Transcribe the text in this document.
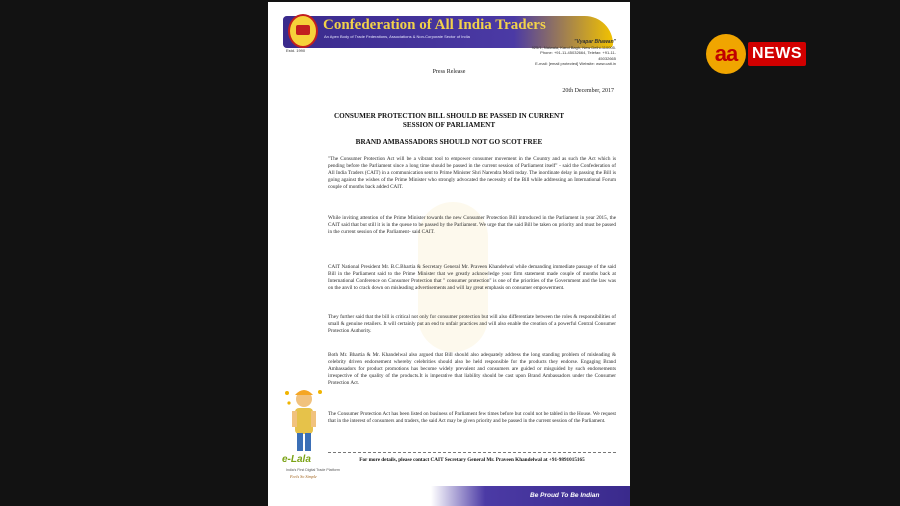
Estd. 1990
Confederation of All India Traders
An Apex Body of Trade Federations, Associations & Non-Corporate Sector of India
"Vyapar Bhawan"
925/1, Naiwala, Karol Bagh, New Delhi-110005.
Phone: +91-11-45032664, Telefax: +91-11-45032665
E-mail: [email protected] Website: www.cait.in
Press Release
20th December, 2017
CONSUMER PROTECTION BILL SHOULD BE PASSED IN CURRENT SESSION OF PARLIAMENT
BRAND AMBASSADORS SHOULD NOT GO SCOT FREE

"The Consumer Protection Act will be a vibrant tool to empower consumer movement in the Country and as such the Act which is pending before the Parliament since a long time should be passed in the current session of Parliament itself" - said the Confederation of All India Traders (CAIT) in a communication sent to Prime Minister Shri Narendra Modi today. The inordinate delay in passing the Bill is going against the wishes of the Prime Minister who strongly advocated the necessity of the Bill while addressing an International Forum couple of months back added CAIT.

While inviting attention of the Prime Minister towards the new Consumer Protection Bill introduced in the Parliament in year 2015, the CAIT said that but still it is in the queue to be passed by the Parliament. We urge that the said Bill be taken on priority and must be passed in the current session of the Parliament- said CAIT.

CAIT National President Mr. B.C.Bhartia & Secretary General Mr. Praveen Khandelwal while demanding immediate passage of the said Bill in the Parliament said to the Prime Minister that we greatly acknowledge your firm statement made couple of months back at International Conference on Consumer Protection that " consumer protection" is one of the priorities of the Government and the law was on the anvil to crack down on misleading advertisements and will lay great emphasis on consumer empowerment.

They further said that the bill is critical not only for consumer protection but will also differentiate between the roles & responsibilities of small & genuine retailers. It will certainly put an end to unfair practices and will also enable the creation of a powerful Central Consumer Protection Authority.

Both Mr. Bhartia & Mr. Khandelwal also argued that Bill should also adequately address the long standing problem of misleading & celebrity driven endorsement whereby celebrities should also be held responsible for the products they endorse. Engaging Brand Ambassadors for product promotions has become widely prevalent and consumers are guided or misguided by such endorsements irrespective of the quality of the products.It is imperative that liability should be cast upon Brand Ambassadors under the Consumer Protection Act.

The Consumer Protection Act has been listed on business of Parliament few times before but could not be tabled in the House. We request that in the interest of consumers and traders, the said Act may be given priority and be passed in the current session of the Parliament.

For more details, please contact CAIT Secretary General Mr. Praveen Khandelwal at +91-9891015165
e-Lala
India's First Digital Trade Platform
Feels So Simple
Be Proud To Be Indian
aa NEWS
